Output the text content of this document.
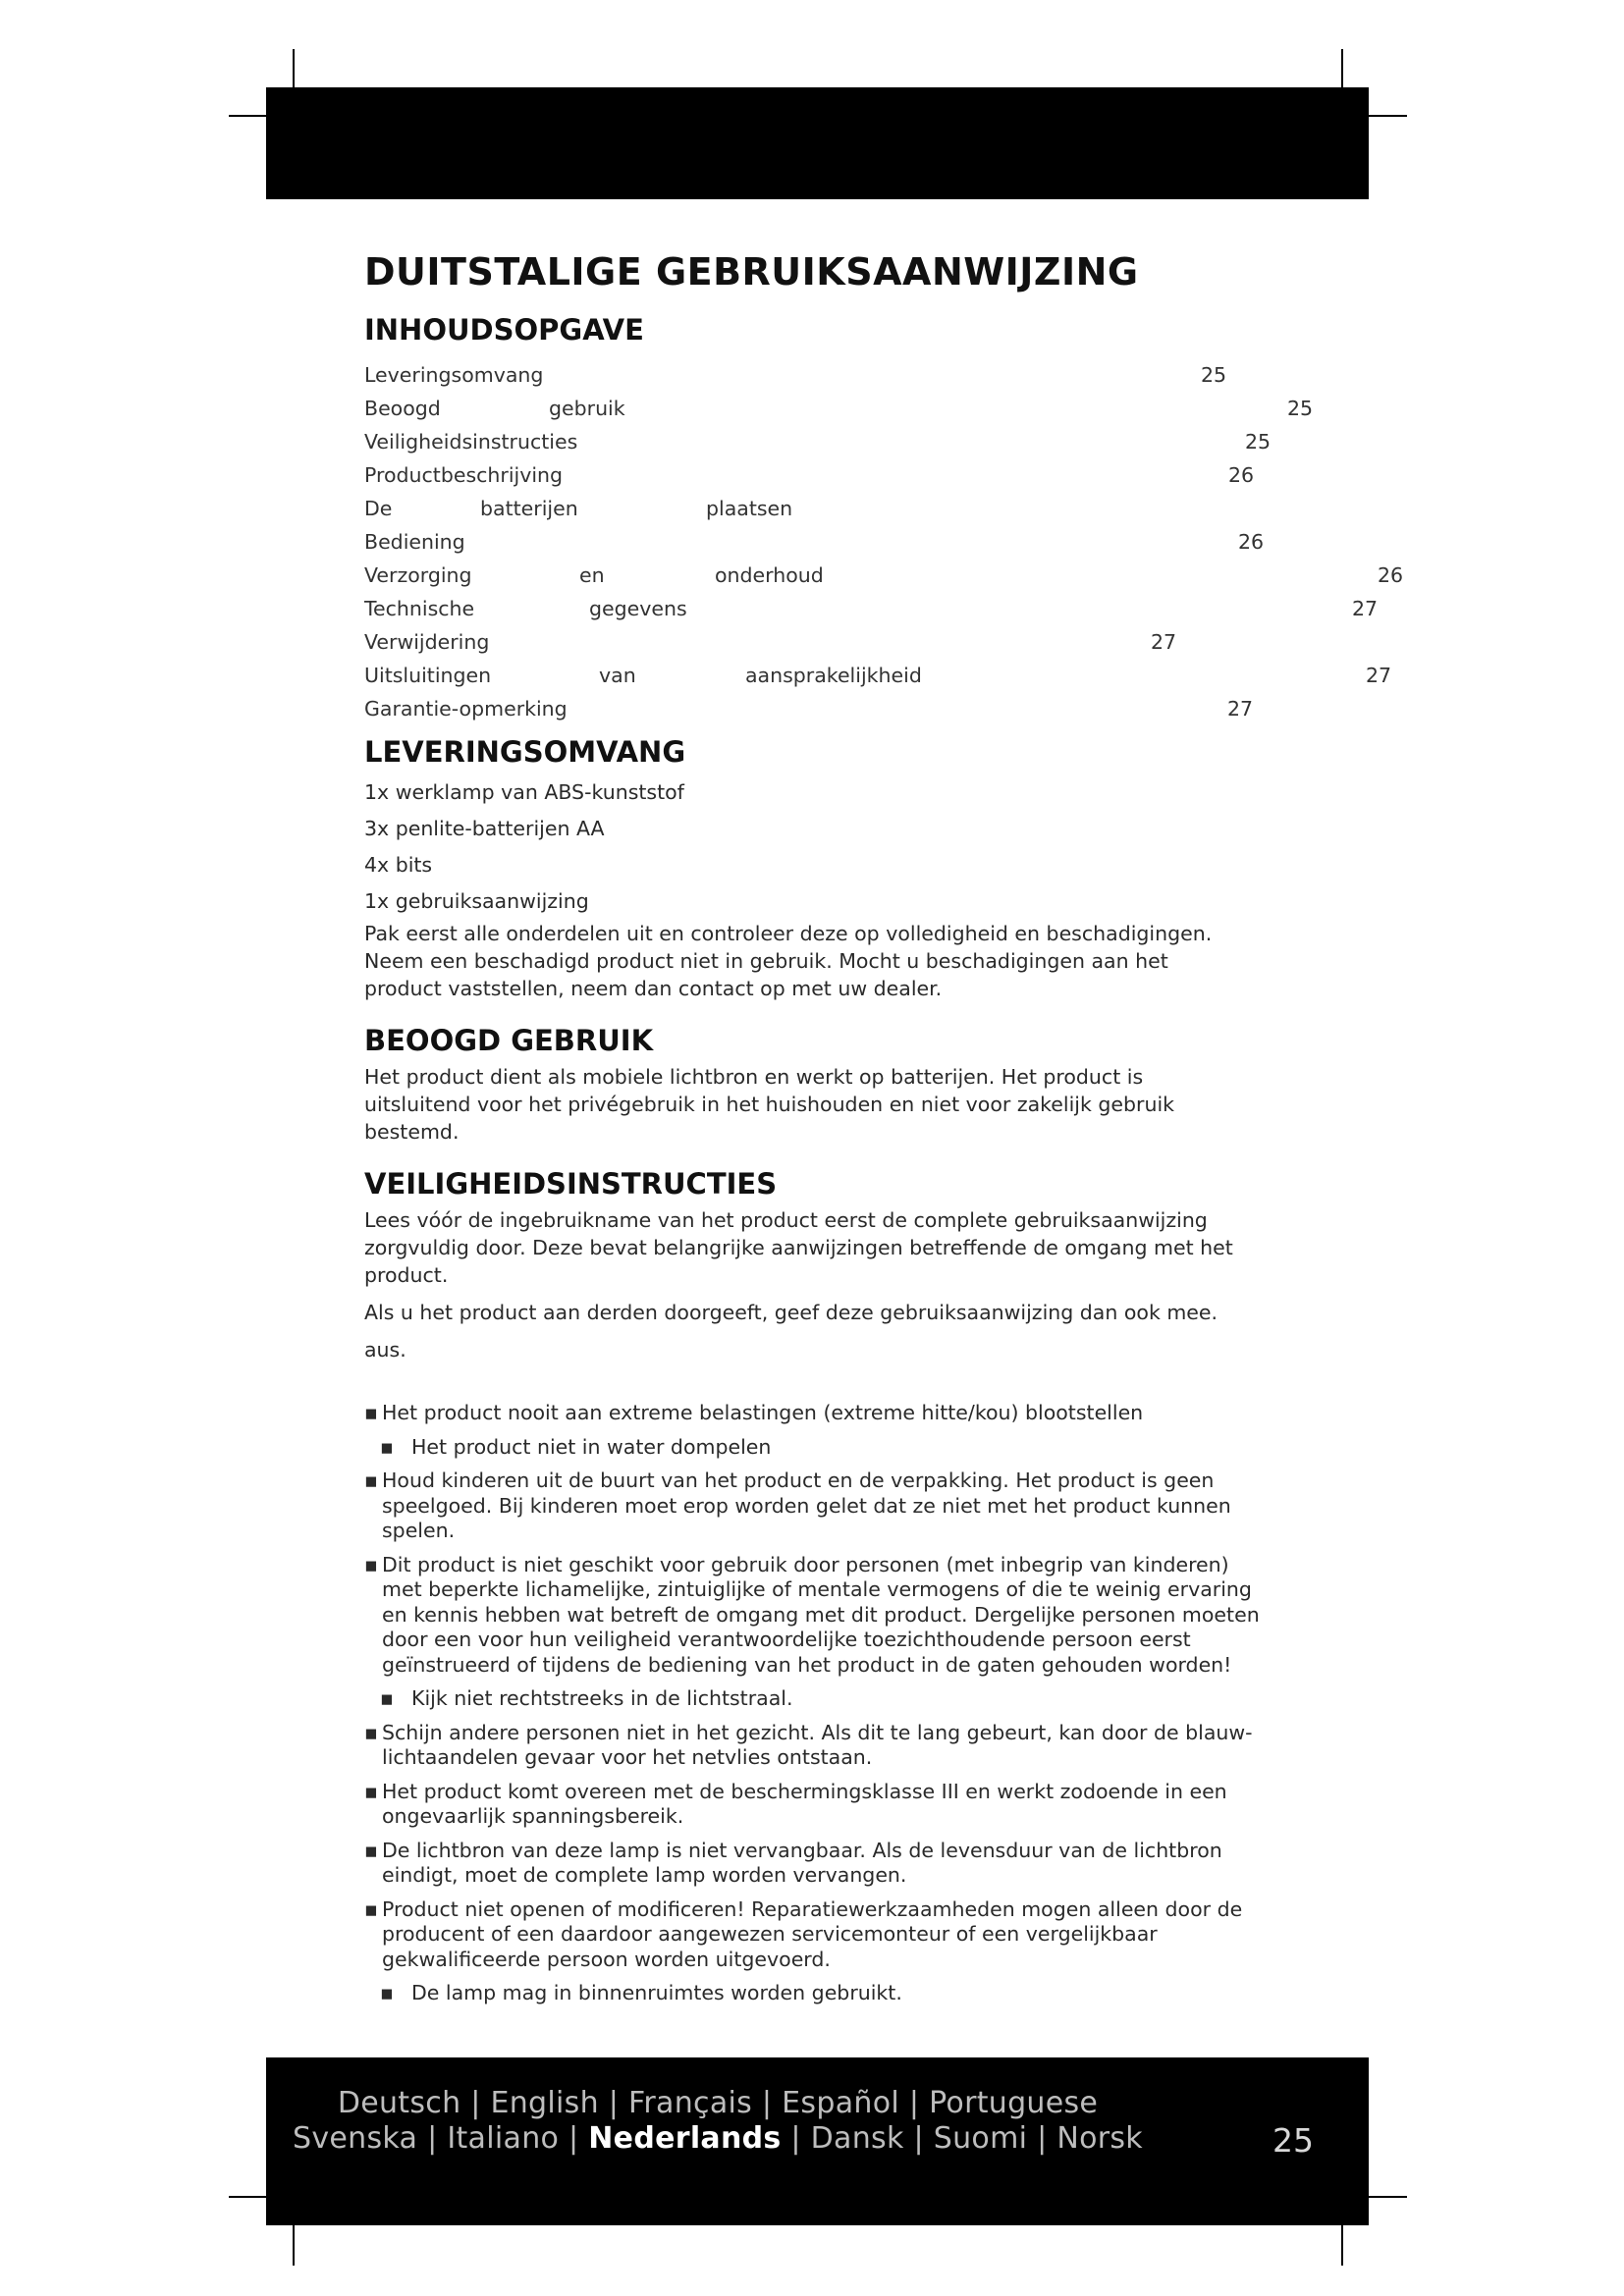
DUITSTALIGE GEBRUIKSAANWIJZING
INHOUDSOPGAVE
Leveringsomvang	25
Beoogd	gebruik	25
Veiligheidsinstructies	25
Productbeschrijving	26
De	batterijen	plaatsen
Bediening	26
Verzorging	en	onderhoud	26
Technische	gegevens	27
Verwijdering	27
Uitsluitingen	van	aansprakelijkheid	27
Garantie-opmerking	27
LEVERINGSOMVANG
1x werklamp van ABS-kunststof
3x penlite-batterijen AA
4x bits
1x gebruiksaanwijzing

Pak eerst alle onderdelen uit en controleer deze op volledigheid en beschadigingen. Neem een beschadigd product niet in gebruik. Mocht u beschadigingen aan het product vaststellen, neem dan contact op met uw dealer.

BEOOGD GEBRUIK

Het product dient als mobiele lichtbron en werkt op batterijen. Het product is uitsluitend voor het privégebruik in het huishouden en niet voor zakelijk gebruik bestemd.

VEILIGHEIDSINSTRUCTIES

Lees vóór de ingebruikname van het product eerst de complete gebruiksaanwijzing zorgvuldig door. Deze bevat belangrijke aanwijzingen betreffende de omgang met het product.

Als u het product aan derden doorgeeft, geef deze gebruiksaanwijzing dan ook mee.

aus.

▪ Het product nooit aan extreme belastingen (extreme hitte/kou) blootstellen
▪ Het product niet in water dompelen
▪ Houd kinderen uit de buurt van het product en de verpakking. Het product is geen speelgoed. Bij kinderen moet erop worden gelet dat ze niet met het product kunnen spelen.
▪ Dit product is niet geschikt voor gebruik door personen (met inbegrip van kinderen) met beperkte lichamelijke, zintuiglijke of mentale vermogens of die te weinig ervaring en kennis hebben wat betreft de omgang met dit product. Dergelijke personen moeten door een voor hun veiligheid verantwoordelijke toezichthoudende persoon eerst geïnstrueerd of tijdens de bediening van het product in de gaten gehouden worden!
▪ Kijk niet rechtstreeks in de lichtstraal.
▪ Schijn andere personen niet in het gezicht. Als dit te lang gebeurt, kan door de blauw-lichtaandelen gevaar voor het netvlies ontstaan.
▪ Het product komt overeen met de beschermingsklasse III en werkt zodoende in een ongevaarlijk spanningsbereik.
▪ De lichtbron van deze lamp is niet vervangbaar. Als de levensduur van de lichtbron eindigt, moet de complete lamp worden vervangen.
▪ Product niet openen of modificeren! Reparatiewerkzaamheden mogen alleen door de producent of een daardoor aangewezen servicemonteur of een vergelijkbaar gekwalificeerde persoon worden uitgevoerd.
▪ De lamp mag in binnenruimtes worden gebruikt.
Deutsch | English | Français | Español | Portuguese
Svenska | Italiano | Nederlands | Dansk | Suomi | Norsk	25
